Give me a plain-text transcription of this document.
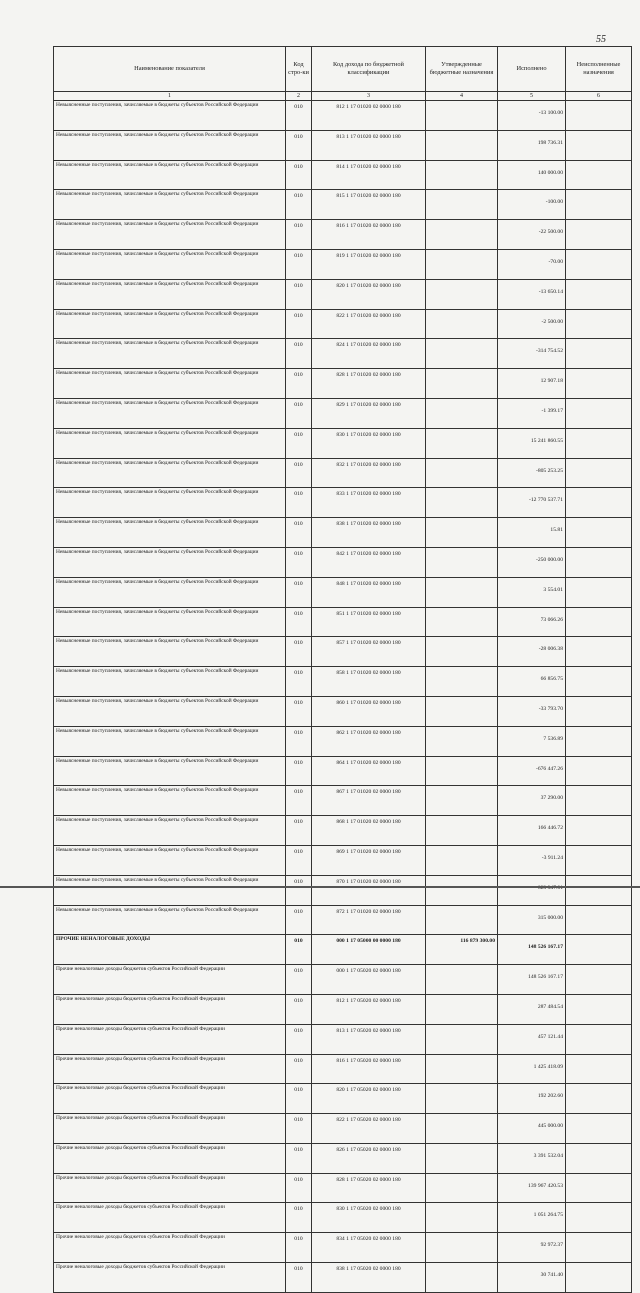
55
Наименование показателя	Код стро-ки	Код дохода по бюджетной классификации	Утвержденные бюджетные назначения	Исполнено	Неисполненные назначения
1	2	3	4	5	6
Невыясненные поступления, зачисляемые в бюджеты субъектов Российской Федерации	010	812 1 17 01020 02 0000 180		-13 100.00	
Невыясненные поступления, зачисляемые в бюджеты субъектов Российской Федерации	010	813 1 17 01020 02 0000 180		198 736.31	
Невыясненные поступления, зачисляемые в бюджеты субъектов Российской Федерации	010	814 1 17 01020 02 0000 180		140 000.00	
Невыясненные поступления, зачисляемые в бюджеты субъектов Российской Федерации	010	815 1 17 01020 02 0000 180		-100.00	
Невыясненные поступления, зачисляемые в бюджеты субъектов Российской Федерации	010	816 1 17 01020 02 0000 180		-22 500.00	
Невыясненные поступления, зачисляемые в бюджеты субъектов Российской Федерации	010	819 1 17 01020 02 0000 180		-70.00	
Невыясненные поступления, зачисляемые в бюджеты субъектов Российской Федерации	010	820 1 17 01020 02 0000 180		-13 650.14	
Невыясненные поступления, зачисляемые в бюджеты субъектов Российской Федерации	010	822 1 17 01020 02 0000 180		-2 500.00	
Невыясненные поступления, зачисляемые в бюджеты субъектов Российской Федерации	010	824 1 17 01020 02 0000 180		-314 754.52	
Невыясненные поступления, зачисляемые в бюджеты субъектов Российской Федерации	010	828 1 17 01020 02 0000 180		12 907.18	
Невыясненные поступления, зачисляемые в бюджеты субъектов Российской Федерации	010	829 1 17 01020 02 0000 180		-1 399.17	
Невыясненные поступления, зачисляемые в бюджеты субъектов Российской Федерации	010	830 1 17 01020 02 0000 180		15 241 860.55	
Невыясненные поступления, зачисляемые в бюджеты субъектов Российской Федерации	010	832 1 17 01020 02 0000 180		-805 253.25	
Невыясненные поступления, зачисляемые в бюджеты субъектов Российской Федерации	010	833 1 17 01020 02 0000 180		-12 770 537.71	
Невыясненные поступления, зачисляемые в бюджеты субъектов Российской Федерации	010	838 1 17 01020 02 0000 180		15.81	
Невыясненные поступления, зачисляемые в бюджеты субъектов Российской Федерации	010	842 1 17 01020 02 0000 180		-250 000.00	
Невыясненные поступления, зачисляемые в бюджеты субъектов Российской Федерации	010	848 1 17 01020 02 0000 180		3 554.01	
Невыясненные поступления, зачисляемые в бюджеты субъектов Российской Федерации	010	851 1 17 01020 02 0000 180		73 066.26	
Невыясненные поступления, зачисляемые в бюджеты субъектов Российской Федерации	010	857 1 17 01020 02 0000 180		-28 006.38	
Невыясненные поступления, зачисляемые в бюджеты субъектов Российской Федерации	010	858 1 17 01020 02 0000 180		66 856.75	
Невыясненные поступления, зачисляемые в бюджеты субъектов Российской Федерации	010	860 1 17 01020 02 0000 180		-33 793.70	
Невыясненные поступления, зачисляемые в бюджеты субъектов Российской Федерации	010	862 1 17 01020 02 0000 180		7 536.89	
Невыясненные поступления, зачисляемые в бюджеты субъектов Российской Федерации	010	864 1 17 01020 02 0000 180		-676 447.26	
Невыясненные поступления, зачисляемые в бюджеты субъектов Российской Федерации	010	867 1 17 01020 02 0000 180		37 290.00	
Невыясненные поступления, зачисляемые в бюджеты субъектов Российской Федерации	010	868 1 17 01020 02 0000 180		166 446.72	
Невыясненные поступления, зачисляемые в бюджеты субъектов Российской Федерации	010	869 1 17 01020 02 0000 180		-3 911.24	
Невыясненные поступления, зачисляемые в бюджеты субъектов Российской Федерации	010	870 1 17 01020 02 0000 180		-823 347.01	
Невыясненные поступления, зачисляемые в бюджеты субъектов Российской Федерации	010	872 1 17 01020 02 0000 180		315 000.00	
ПРОЧИЕ НЕНАЛОГОВЫЕ ДОХОДЫ	010	000 1 17 05000 00 0000 180	116 879 300.00	148 526 167.17	
Прочие неналоговые доходы бюджетов субъектов Российской Федерации	010	000 1 17 05020 02 0000 180		148 526 167.17	
Прочие неналоговые доходы бюджетов субъектов Российской Федерации	010	812 1 17 05020 02 0000 180		287 484.54	
Прочие неналоговые доходы бюджетов субъектов Российской Федерации	010	813 1 17 05020 02 0000 180		457 121.44	
Прочие неналоговые доходы бюджетов субъектов Российской Федерации	010	816 1 17 05020 02 0000 180		1 425 418.09	
Прочие неналоговые доходы бюджетов субъектов Российской Федерации	010	820 1 17 05020 02 0000 180		192 202.60	
Прочие неналоговые доходы бюджетов субъектов Российской Федерации	010	822 1 17 05020 02 0000 180		445 000.00	
Прочие неналоговые доходы бюджетов субъектов Российской Федерации	010	826 1 17 05020 02 0000 180		3 391 532.04	
Прочие неналоговые доходы бюджетов субъектов Российской Федерации	010	828 1 17 05020 02 0000 180		139 967 420.53	
Прочие неналоговые доходы бюджетов субъектов Российской Федерации	010	830 1 17 05020 02 0000 180		1 051 264.75	
Прочие неналоговые доходы бюджетов субъектов Российской Федерации	010	834 1 17 05020 02 0000 180		92 972.37	
Прочие неналоговые доходы бюджетов субъектов Российской Федерации	010	838 1 17 05020 02 0000 180		30 741.40	
